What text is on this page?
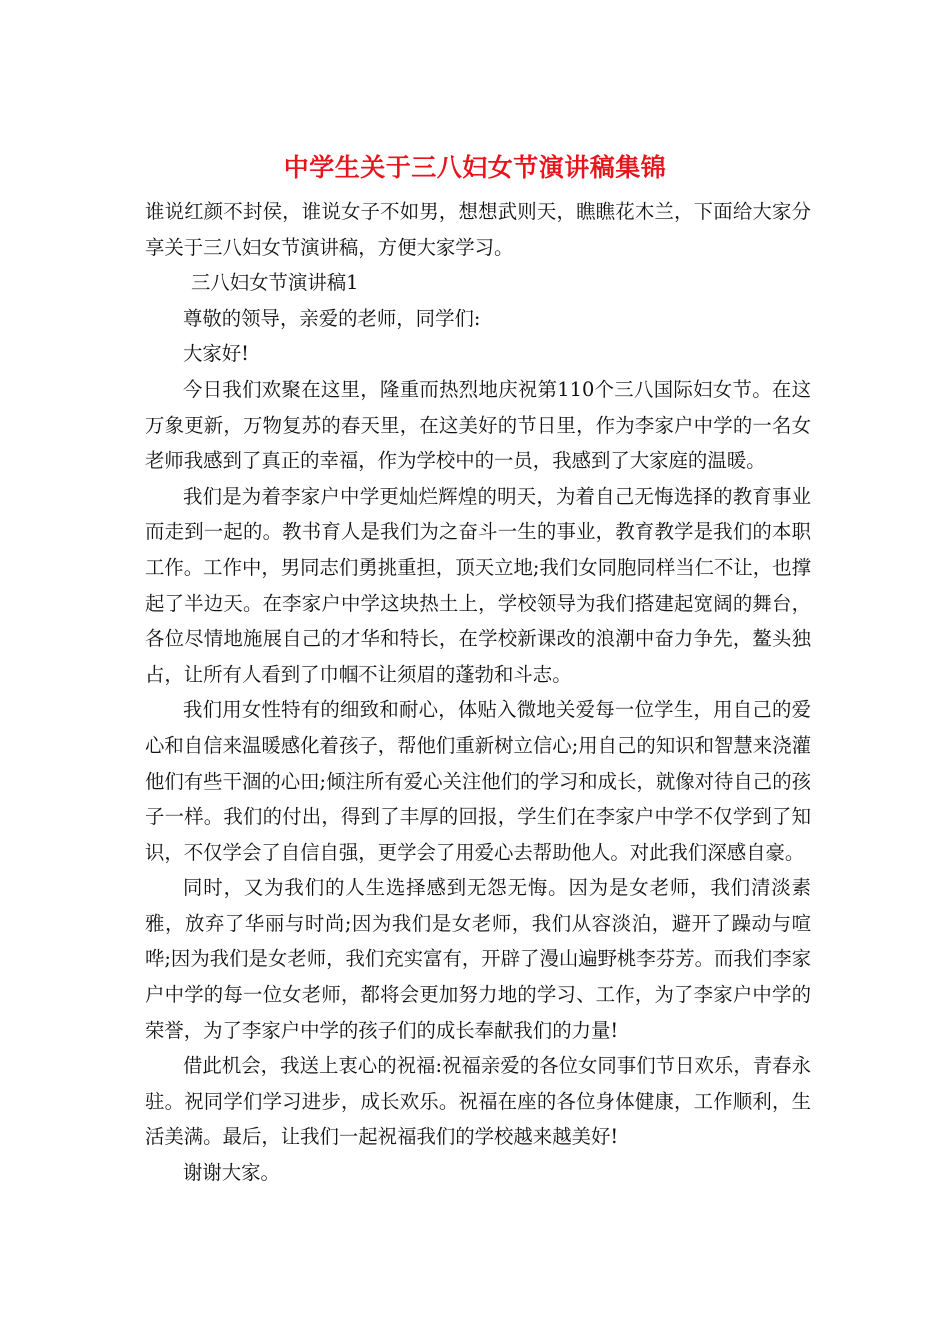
中学生关于三八妇女节演讲稿集锦

谁说红颜不封侯，谁说女子不如男，想想武则天，瞧瞧花木兰，下面给大家分享关于三八妇女节演讲稿，方便大家学习。

三八妇女节演讲稿1

尊敬的领导，亲爱的老师，同学们:

大家好!

今日我们欢聚在这里，隆重而热烈地庆祝第110个三八国际妇女节。在这万象更新，万物复苏的春天里，在这美好的节日里，作为李家户中学的一名女老师我感到了真正的幸福，作为学校中的一员，我感到了大家庭的温暖。

我们是为着李家户中学更灿烂辉煌的明天，为着自己无悔选择的教育事业而走到一起的。教书育人是我们为之奋斗一生的事业，教育教学是我们的本职工作。工作中，男同志们勇挑重担，顶天立地;我们女同胞同样当仁不让，也撑起了半边天。在李家户中学这块热土上，学校领导为我们搭建起宽阔的舞台，各位尽情地施展自己的才华和特长，在学校新课改的浪潮中奋力争先，鳌头独占，让所有人看到了巾帼不让须眉的蓬勃和斗志。

我们用女性特有的细致和耐心，体贴入微地关爱每一位学生，用自己的爱心和自信来温暖感化着孩子，帮他们重新树立信心;用自己的知识和智慧来浇灌他们有些干涸的心田;倾注所有爱心关注他们的学习和成长，就像对待自己的孩子一样。我们的付出，得到了丰厚的回报，学生们在李家户中学不仅学到了知识，不仅学会了自信自强，更学会了用爱心去帮助他人。对此我们深感自豪。

同时，又为我们的人生选择感到无怨无悔。因为是女老师，我们清淡素雅，放弃了华丽与时尚;因为我们是女老师，我们从容淡泊，避开了躁动与喧哗;因为我们是女老师，我们充实富有，开辟了漫山遍野桃李芬芳。而我们李家户中学的每一位女老师，都将会更加努力地的学习、工作，为了李家户中学的荣誉，为了李家户中学的孩子们的成长奉献我们的力量!

借此机会，我送上衷心的祝福:祝福亲爱的各位女同事们节日欢乐，青春永驻。祝同学们学习进步，成长欢乐。祝福在座的各位身体健康，工作顺利，生活美满。最后，让我们一起祝福我们的学校越来越美好!

谢谢大家。
